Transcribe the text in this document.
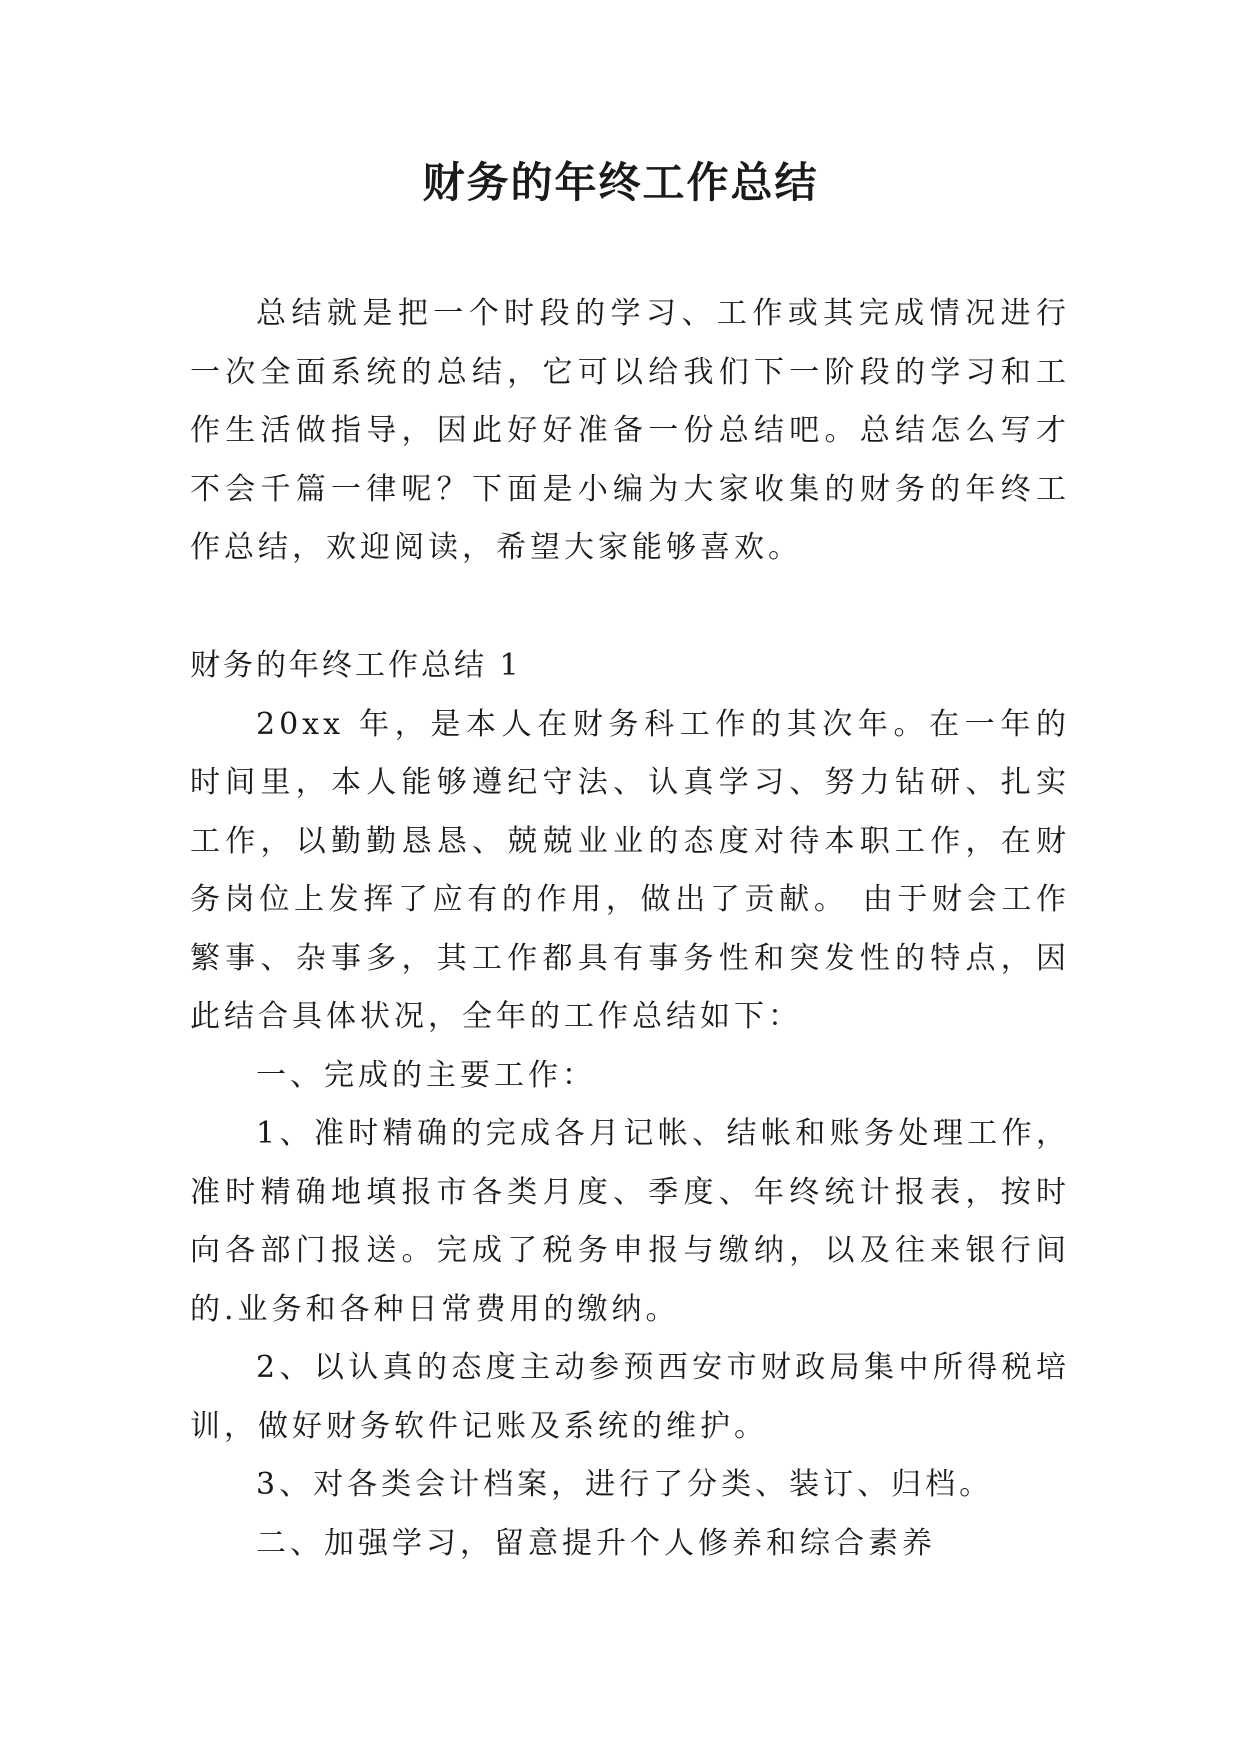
财务的年终工作总结

总结就是把一个时段的学习、工作或其完成情况进行一次全面系统的总结，它可以给我们下一阶段的学习和工作生活做指导，因此好好准备一份总结吧。总结怎么写才不会千篇一律呢？下面是小编为大家收集的财务的年终工作总结，欢迎阅读，希望大家能够喜欢。

财务的年终工作总结 1

20xx 年，是本人在财务科工作的其次年。在一年的时间里，本人能够遵纪守法、认真学习、努力钻研、扎实工作，以勤勤恳恳、兢兢业业的态度对待本职工作，在财务岗位上发挥了应有的作用，做出了贡献。 由于财会工作繁事、杂事多，其工作都具有事务性和突发性的特点，因此结合具体状况，全年的工作总结如下：

一、完成的主要工作：

1、准时精确的完成各月记帐、结帐和账务处理工作，准时精确地填报市各类月度、季度、年终统计报表，按时向各部门报送。完成了税务申报与缴纳，以及往来银行间的.业务和各种日常费用的缴纳。

2、以认真的态度主动参预西安市财政局集中所得税培训，做好财务软件记账及系统的维护。

3、对各类会计档案，进行了分类、装订、归档。

二、加强学习，留意提升个人修养和综合素养
